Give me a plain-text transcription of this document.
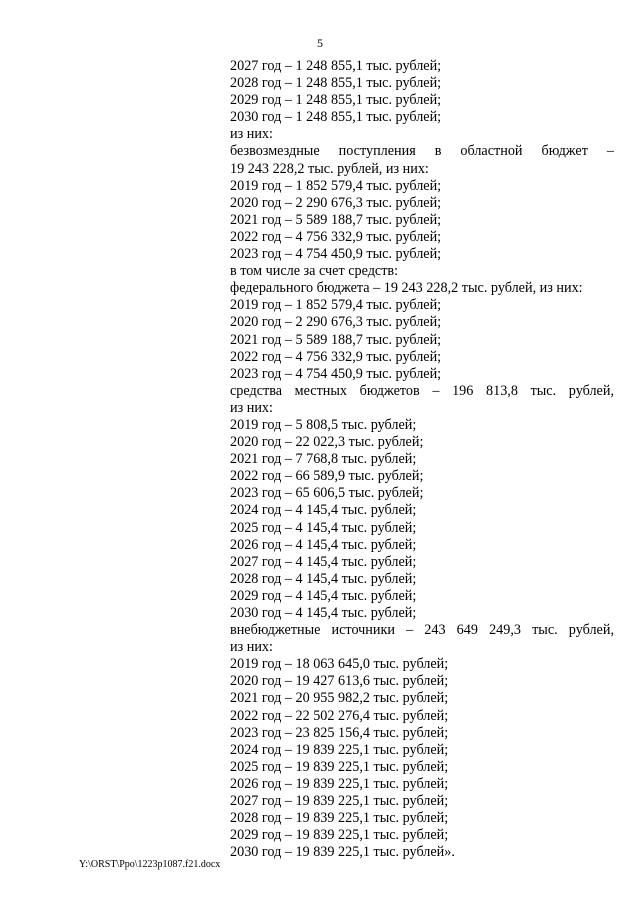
5
2027 год – 1 248 855,1 тыс. рублей;
2028 год – 1 248 855,1 тыс. рублей;
2029 год – 1 248 855,1 тыс. рублей;
2030 год – 1 248 855,1 тыс. рублей;
из них:
безвозмездные поступления в областной бюджет –
19 243 228,2 тыс. рублей, из них:
2019 год – 1 852 579,4 тыс. рублей;
2020 год – 2 290 676,3 тыс. рублей;
2021 год – 5 589 188,7 тыс. рублей;
2022 год – 4 756 332,9 тыс. рублей;
2023 год – 4 754 450,9 тыс. рублей;
в том числе за счет средств:
федерального бюджета – 19 243 228,2 тыс. рублей, из них:
2019 год – 1 852 579,4 тыс. рублей;
2020 год – 2 290 676,3 тыс. рублей;
2021 год – 5 589 188,7 тыс. рублей;
2022 год – 4 756 332,9 тыс. рублей;
2023 год – 4 754 450,9 тыс. рублей;
средства местных бюджетов – 196 813,8 тыс. рублей,
из них:
2019 год – 5 808,5 тыс. рублей;
2020 год – 22 022,3 тыс. рублей;
2021 год – 7 768,8 тыс. рублей;
2022 год – 66 589,9 тыс. рублей;
2023 год – 65 606,5 тыс. рублей;
2024 год – 4 145,4 тыс. рублей;
2025 год – 4 145,4 тыс. рублей;
2026 год – 4 145,4 тыс. рублей;
2027 год – 4 145,4 тыс. рублей;
2028 год – 4 145,4 тыс. рублей;
2029 год – 4 145,4 тыс. рублей;
2030 год – 4 145,4 тыс. рублей;
внебюджетные источники – 243 649 249,3 тыс. рублей,
из них:
2019 год – 18 063 645,0 тыс. рублей;
2020 год – 19 427 613,6 тыс. рублей;
2021 год – 20 955 982,2 тыс. рублей;
2022 год – 22 502 276,4 тыс. рублей;
2023 год – 23 825 156,4 тыс. рублей;
2024 год – 19 839 225,1 тыс. рублей;
2025 год – 19 839 225,1 тыс. рублей;
2026 год – 19 839 225,1 тыс. рублей;
2027 год – 19 839 225,1 тыс. рублей;
2028 год – 19 839 225,1 тыс. рублей;
2029 год – 19 839 225,1 тыс. рублей;
2030 год – 19 839 225,1 тыс. рублей».
Y:\ORST\Ppo\1223p1087.f21.docx
